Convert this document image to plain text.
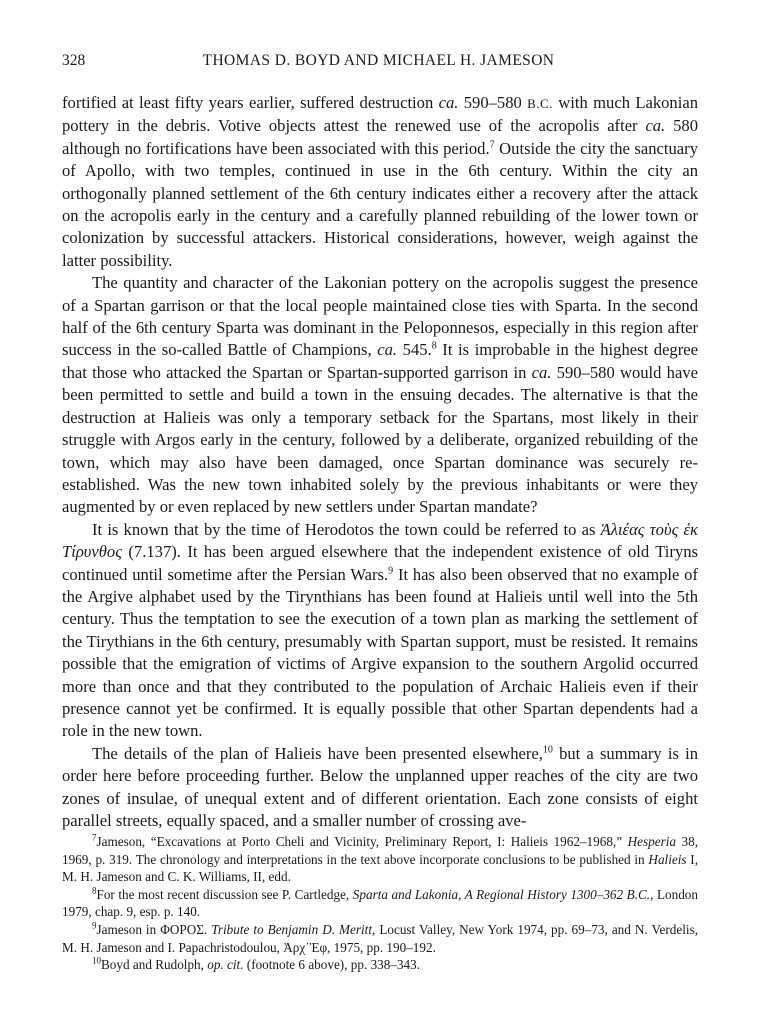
328	THOMAS D. BOYD AND MICHAEL H. JAMESON

fortified at least fifty years earlier, suffered destruction ca. 590–580 B.C. with much Lakonian pottery in the debris. Votive objects attest the renewed use of the acropolis after ca. 580 although no fortifications have been associated with this period.$^7$ Outside the city the sanctuary of Apollo, with two temples, continued in use in the 6th century. Within the city an orthogonally planned settlement of the 6th century indicates either a recovery after the attack on the acropolis early in the century and a carefully planned rebuilding of the lower town or colonization by successful attackers. Historical considerations, however, weigh against the latter possibility.

The quantity and character of the Lakonian pottery on the acropolis suggest the presence of a Spartan garrison or that the local people maintained close ties with Sparta. In the second half of the 6th century Sparta was dominant in the Peloponnesos, especially in this region after success in the so-called Battle of Champions, ca. 545.$^8$ It is improbable in the highest degree that those who attacked the Spartan or Spartan-supported garrison in ca. 590–580 would have been permitted to settle and build a town in the ensuing decades. The alternative is that the destruction at Halieis was only a temporary setback for the Spartans, most likely in their struggle with Argos early in the century, followed by a deliberate, organized rebuilding of the town, which may also have been damaged, once Spartan dominance was securely re-established. Was the new town inhabited solely by the previous inhabitants or were they augmented by or even replaced by new settlers under Spartan mandate?

It is known that by the time of Herodotos the town could be referred to as Ἁλιέας τοὺς ἐκ Τίρυνθος (7.137). It has been argued elsewhere that the independent existence of old Tiryns continued until sometime after the Persian Wars.$^9$ It has also been observed that no example of the Argive alphabet used by the Tirynthians has been found at Halieis until well into the 5th century. Thus the temptation to see the execution of a town plan as marking the settlement of the Tirythians in the 6th century, presumably with Spartan support, must be resisted. It remains possible that the emigration of victims of Argive expansion to the southern Argolid occurred more than once and that they contributed to the population of Archaic Halieis even if their presence cannot yet be confirmed. It is equally possible that other Spartan dependents had a role in the new town.

The details of the plan of Halieis have been presented elsewhere,$^{10}$ but a summary is in order here before proceeding further. Below the unplanned upper reaches of the city are two zones of insulae, of unequal extent and of different orientation. Each zone consists of eight parallel streets, equally spaced, and a smaller number of crossing ave-

$^7$Jameson, “Excavations at Porto Cheli and Vicinity, Preliminary Report, I: Halieis 1962–1968,” Hesperia 38, 1969, p. 319. The chronology and interpretations in the text above incorporate conclusions to be published in Halieis I, M. H. Jameson and C. K. Williams, II, edd.

$^8$For the most recent discussion see P. Cartledge, Sparta and Lakonia, A Regional History 1300–362 B.C., London 1979, chap. 9, esp. p. 140.

$^9$Jameson in ΦΟΡΟΣ. Tribute to Benjamin D. Meritt, Locust Valley, New York 1974, pp. 69–73, and N. Verdelis, M. H. Jameson and I. Papachristodoulou, Ἀρχ᾽Ἐφ, 1975, pp. 190–192.

$^{10}$Boyd and Rudolph, op. cit. (footnote 6 above), pp. 338–343.
